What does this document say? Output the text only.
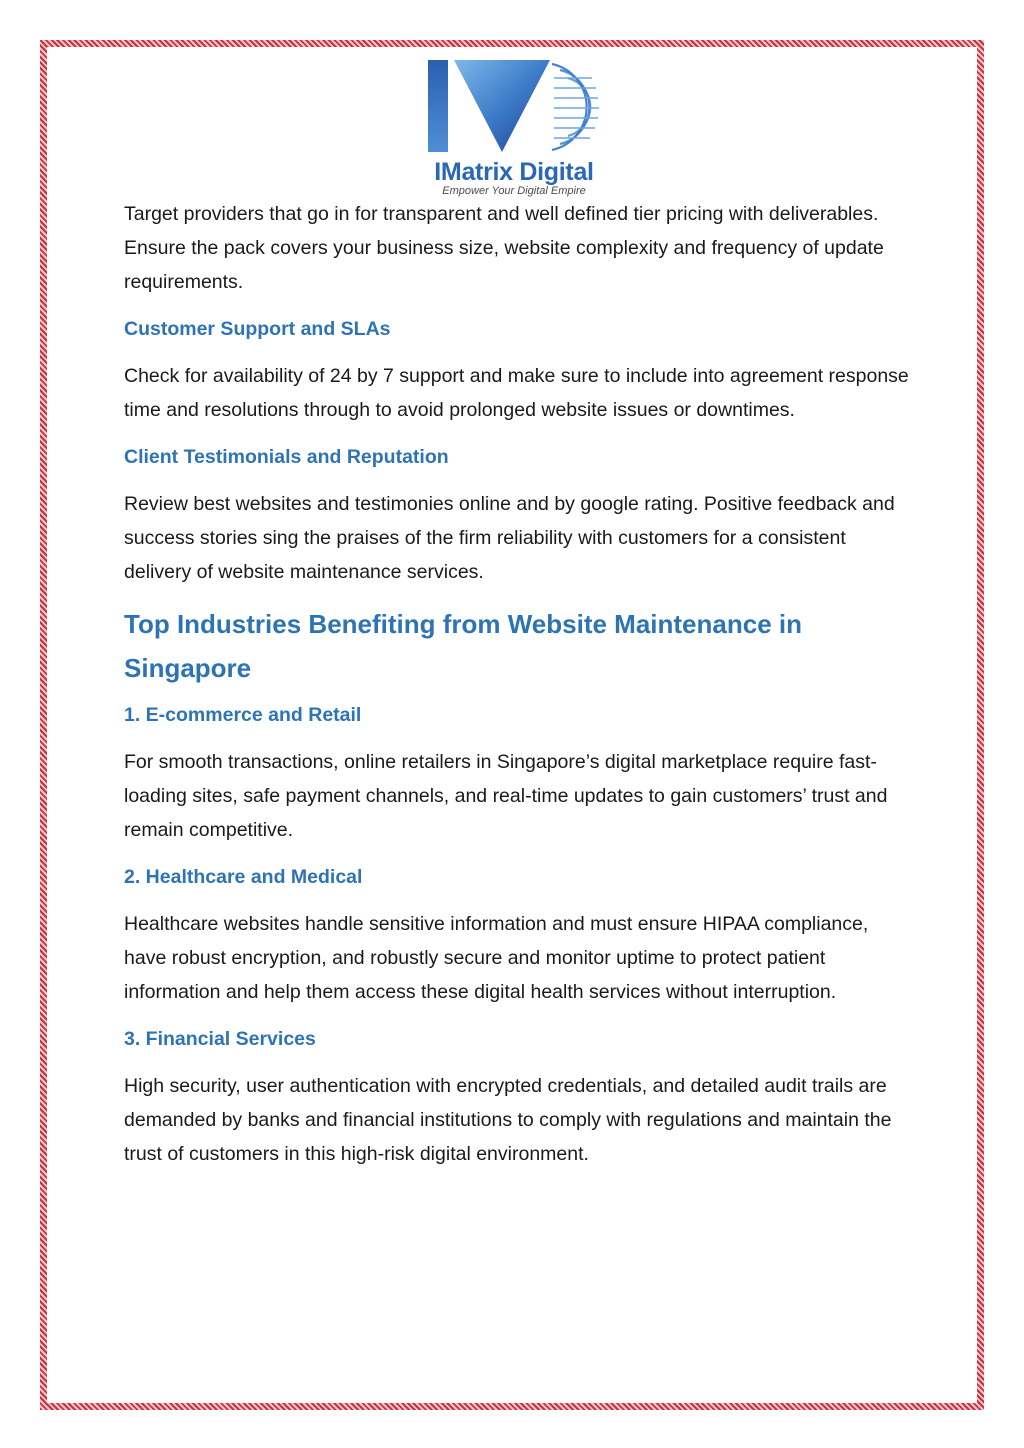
IMatrix Digital
Empower Your Digital Empire

Target providers that go in for transparent and well defined tier pricing with deliverables. Ensure the pack covers your business size, website complexity and frequency of update requirements.

Customer Support and SLAs

Check for availability of 24 by 7 support and make sure to include into agreement response time and resolutions through to avoid prolonged website issues or downtimes.

Client Testimonials and Reputation

Review best websites and testimonies online and by google rating. Positive feedback and success stories sing the praises of the firm reliability with customers for a consistent delivery of website maintenance services.

Top Industries Benefiting from Website Maintenance in Singapore
1. E-commerce and Retail

For smooth transactions, online retailers in Singapore’s digital marketplace require fast-loading sites, safe payment channels, and real-time updates to gain customers’ trust and remain competitive.

2. Healthcare and Medical

Healthcare websites handle sensitive information and must ensure HIPAA compliance, have robust encryption, and robustly secure and monitor uptime to protect patient information and help them access these digital health services without interruption.

3. Financial Services

High security, user authentication with encrypted credentials, and detailed audit trails are demanded by banks and financial institutions to comply with regulations and maintain the trust of customers in this high-risk digital environment.
